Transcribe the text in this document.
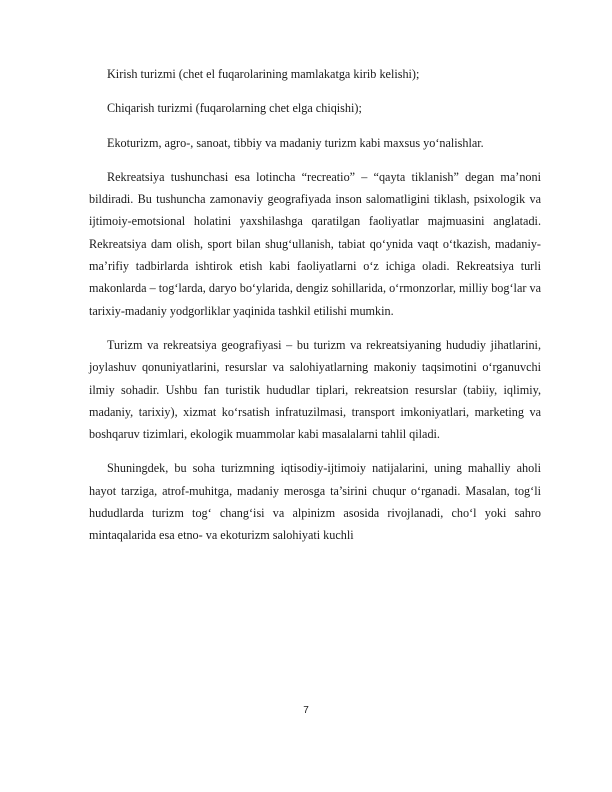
Kirish turizmi (chet el fuqarolarining mamlakatga kirib kelishi);

Chiqarish turizmi (fuqarolarning chet elga chiqishi);

Ekoturizm, agro-, sanoat, tibbiy va madaniy turizm kabi maxsus yo‘nalishlar.

Rekreatsiya tushunchasi esa lotincha “recreatio” – “qayta tiklanish” degan ma’noni bildiradi. Bu tushuncha zamonaviy geografiyada inson salomatligini tiklash, psixologik va ijtimoiy-emotsional holatini yaxshilashga qaratilgan faoliyatlar majmuasini anglatadi. Rekreatsiya dam olish, sport bilan shug‘ullanish, tabiat qo‘ynida vaqt o‘tkazish, madaniy-ma’rifiy tadbirlarda ishtirok etish kabi faoliyatlarni o‘z ichiga oladi. Rekreatsiya turli makonlarda – tog‘larda, daryo bo‘ylarida, dengiz sohillarida, o‘rmonzorlar, milliy bog‘lar va tarixiy-madaniy yodgorliklar yaqinida tashkil etilishi mumkin.

Turizm va rekreatsiya geografiyasi – bu turizm va rekreatsiyaning hududiy jihatlarini, joylashuv qonuniyatlarini, resurslar va salohiyatlarning makoniy taqsimotini o‘rganuvchi ilmiy sohadir. Ushbu fan turistik hududlar tiplari, rekreatsion resurslar (tabiiy, iqlimiy, madaniy, tarixiy), xizmat ko‘rsatish infratuzilmasi, transport imkoniyatlari, marketing va boshqaruv tizimlari, ekologik muammolar kabi masalalarni tahlil qiladi.

Shuningdek, bu soha turizmning iqtisodiy-ijtimoiy natijalarini, uning mahalliy aholi hayot tarziga, atrof-muhitga, madaniy merosga ta’sirini chuqur o‘rganadi. Masalan, tog‘li hududlarda turizm tog‘ chang‘isi va alpinizm asosida rivojlanadi, cho‘l yoki sahro mintaqalarida esa etno- va ekoturizm salohiyati kuchli

7
